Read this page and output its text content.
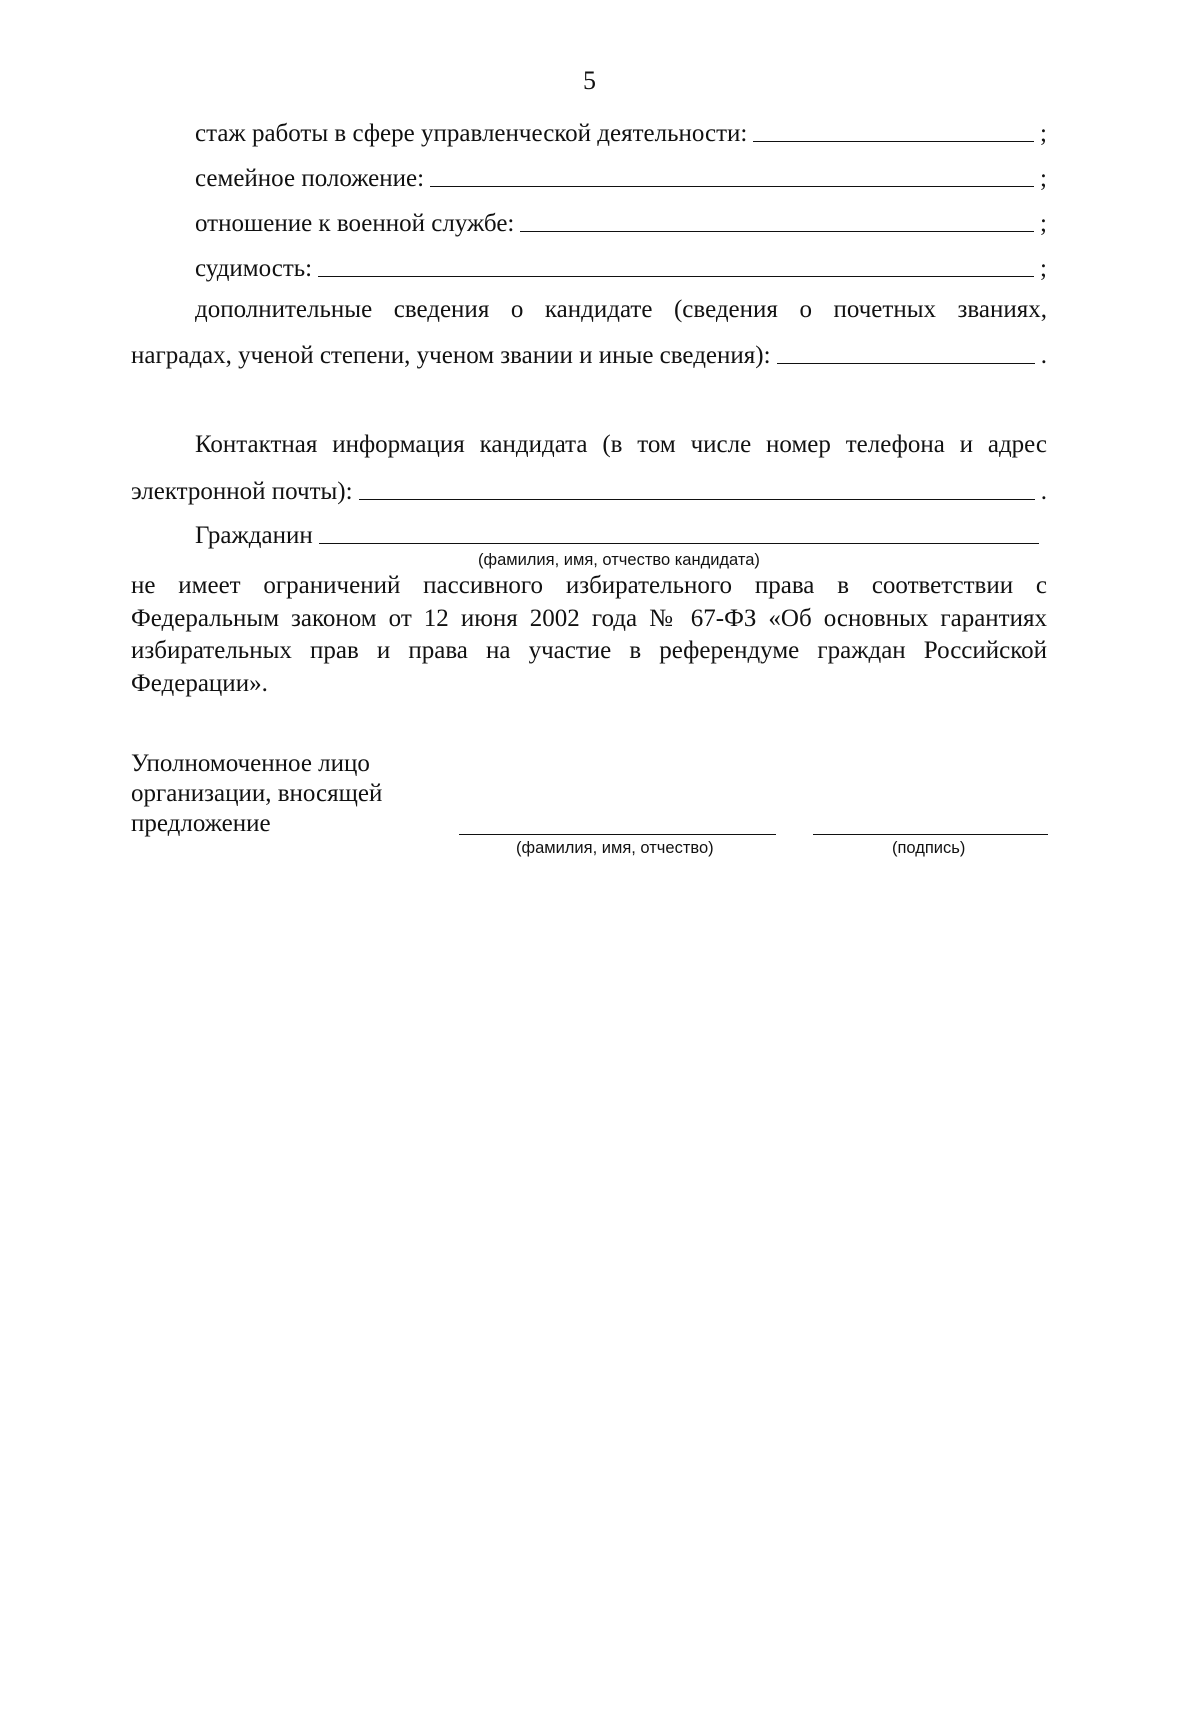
5
стаж работы в сфере управленческой деятельности:	;
семейное положение:	;
отношение к военной службе:	;
судимость:	;
дополнительные сведения о кандидате (сведения о почетных званиях,
наградах, ученой степени, ученом звании и иные сведения):	.
Контактная информация кандидата (в том числе номер телефона и адрес
электронной почты):	.
Гражданин
(фамилия, имя, отчество кандидата)
не имеет ограничений пассивного избирательного права в соответствии с
Федеральным законом от 12 июня 2002 года № 67-ФЗ «Об основных гарантиях
избирательных прав и права на участие в референдуме граждан Российской
Федерации».
Уполномоченное лицо
организации, вносящей
предложение
(фамилия, имя, отчество)	(подпись)
